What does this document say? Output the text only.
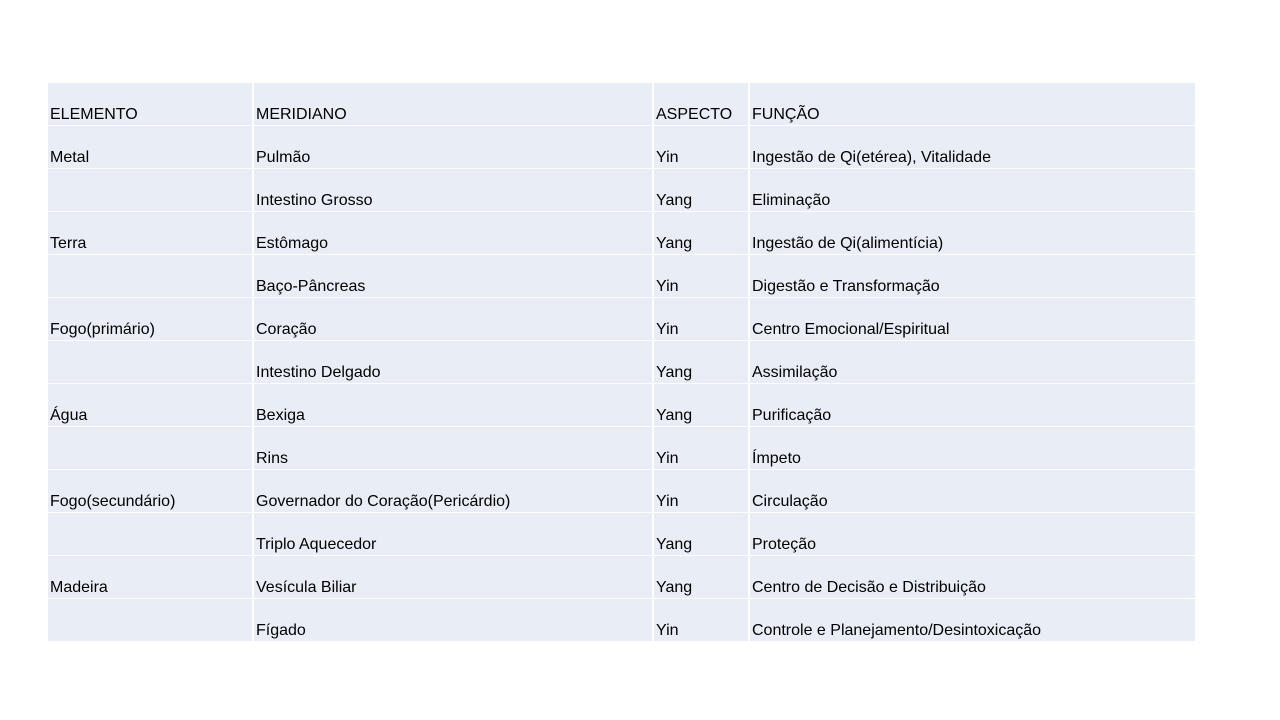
ELEMENTO	MERIDIANO	ASPECTO	FUNÇÃO
Metal	Pulmão	Yin	Ingestão de Qi(etérea), Vitalidade
	Intestino Grosso	Yang	Eliminação
Terra	Estômago	Yang	Ingestão de Qi(alimentícia)
	Baço-Pâncreas	Yin	Digestão e Transformação
Fogo(primário)	Coração	Yin	Centro Emocional/Espiritual
	Intestino Delgado	Yang	Assimilação
Água	Bexiga	Yang	Purificação
	Rins	Yin	Ímpeto
Fogo(secundário)	Governador do Coração(Pericárdio)	Yin	Circulação
	Triplo Aquecedor	Yang	Proteção
Madeira	Vesícula Biliar	Yang	Centro de Decisão e Distribuição
	Fígado	Yin	Controle e Planejamento/Desintoxicação
